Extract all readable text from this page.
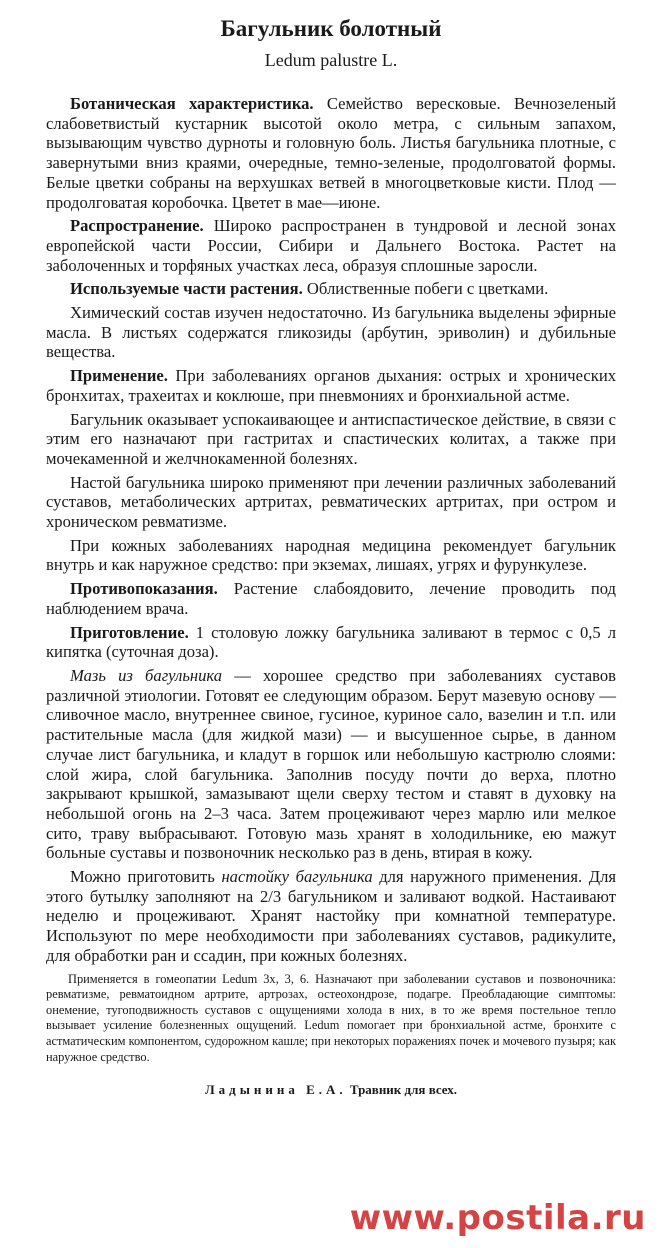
Багульник болотный
Ledum palustre L.

Ботаническая характеристика. Семейство вересковые. Вечнозеленый слабоветвистый кустарник высотой около метра, с сильным запахом, вызывающим чувство дурноты и головную боль. Листья багульника плотные, с завернутыми вниз краями, очередные, темно-зеленые, продолговатой формы. Белые цветки собраны на верхушках ветвей в многоцветковые кисти. Плод — продолговатая коробочка. Цветет в мае—июне.

Распространение. Широко распространен в тундровой и лесной зонах европейской части России, Сибири и Дальнего Востока. Растет на заболоченных и торфяных участках леса, образуя сплошные заросли.

Используемые части растения. Облиственные побеги с цветками.

Химический состав изучен недостаточно. Из багульника выделены эфирные масла. В листьях содержатся гликозиды (арбутин, эриволин) и дубильные вещества.

Применение. При заболеваниях органов дыхания: острых и хронических бронхитах, трахеитах и коклюше, при пневмониях и бронхиальной астме.

Багульник оказывает успокаивающее и антиспастическое действие, в связи с этим его назначают при гастритах и спастических колитах, а также при мочекаменной и желчнокаменной болезнях.

Настой багульника широко применяют при лечении различных заболеваний суставов, метаболических артритах, ревматических артритах, при остром и хроническом ревматизме.

При кожных заболеваниях народная медицина рекомендует багульник внутрь и как наружное средство: при экземах, лишаях, угрях и фурункулезе.

Противопоказания. Растение слабоядовито, лечение проводить под наблюдением врача.

Приготовление. 1 столовую ложку багульника заливают в термос с 0,5 л кипятка (суточная доза).

Мазь из багульника — хорошее средство при заболеваниях суставов различной этиологии. Готовят ее следующим образом. Берут мазевую основу — сливочное масло, внутреннее свиное, гусиное, куриное сало, вазелин и т.п. или растительные масла (для жидкой мази) — и высушенное сырье, в данном случае лист багульника, и кладут в горшок или небольшую кастрюлю слоями: слой жира, слой багульника. Заполнив посуду почти до верха, плотно закрывают крышкой, замазывают щели сверху тестом и ставят в духовку на небольшой огонь на 2–3 часа. Затем процеживают через марлю или мелкое сито, траву выбрасывают. Готовую мазь хранят в холодильнике, ею мажут больные суставы и позвоночник несколько раз в день, втирая в кожу.

Можно приготовить настойку багульника для наружного применения. Для этого бутылку заполняют на 2/3 багульником и заливают водкой. Настаивают неделю и процеживают. Хранят настойку при комнатной температуре. Используют по мере необходимости при заболеваниях суставов, радикулите, для обработки ран и ссадин, при кожных болезнях.

Применяется в гомеопатии Ledum 3х, 3, 6. Назначают при заболевании суставов и позвоночника: ревматизме, ревматоидном артрите, артрозах, остеохондрозе, подагре. Преобладающие симптомы: онемение, тугоподвижность суставов с ощущениями холода в них, в то же время постельное тепло вызывает усиление болезненных ощущений. Ledum помогает при бронхиальной астме, бронхите с астматическим компонентом, судорожном кашле; при некоторых поражениях почек и мочевого пузыря; как наружное средство.

Ладынина Е.А. Травник для всех.
www.postila.ru
